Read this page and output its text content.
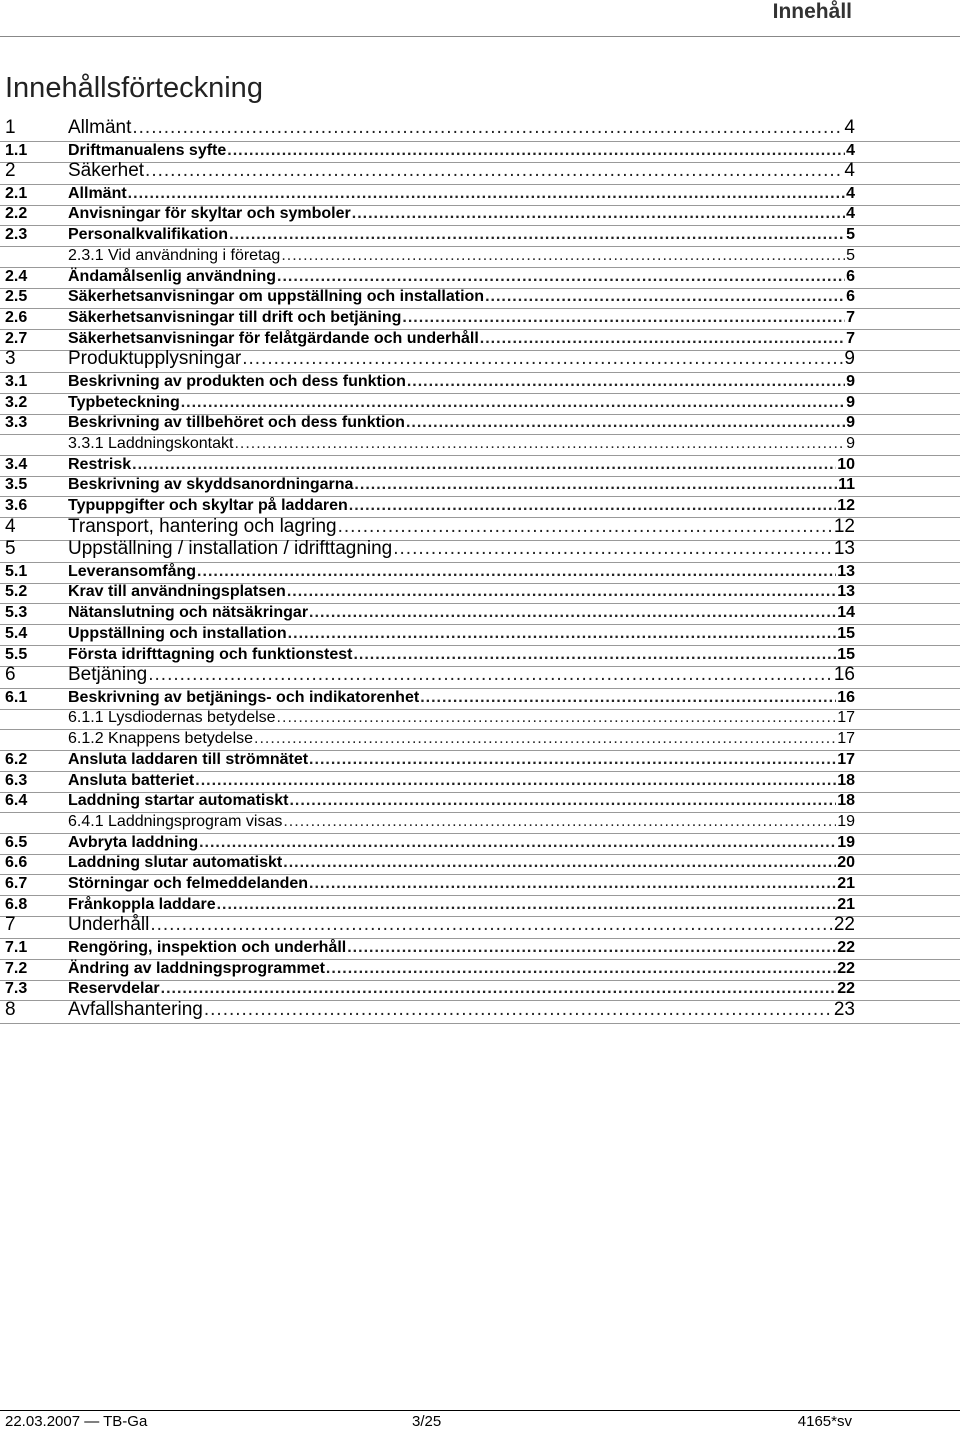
Innehåll
Innehållsförteckning
1	Allmänt .....	4
1.1	Driftmanualens syfte .....	4
2	Säkerhet .....	4
2.1	Allmänt .....	4
2.2	Anvisningar för skyltar och symboler .....	4
2.3	Personalkvalifikation .....	5
2.3.1 Vid användning i företag .....	5
2.4	Ändamålsenlig användning .....	6
2.5	Säkerhetsanvisningar om uppställning och installation .....	6
2.6	Säkerhetsanvisningar till drift och betjäning .....	7
2.7	Säkerhetsanvisningar för felåtgärdande och underhåll .....	7
3	Produktupplysningar .....	9
3.1	Beskrivning av produkten och dess funktion .....	9
3.2	Typbeteckning .....	9
3.3	Beskrivning av tillbehöret och dess funktion .....	9
3.3.1 Laddningskontakt .....	9
3.4	Restrisk .....	10
3.5	Beskrivning av skyddsanordningarna .....	11
3.6	Typuppgifter och skyltar på laddaren .....	12
4	Transport, hantering och lagring .....	12
5	Uppställning / installation / idrifttagning .....	13
5.1	Leveransomfång .....	13
5.2	Krav till användningsplatsen .....	13
5.3	Nätanslutning och nätsäkringar .....	14
5.4	Uppställning och installation .....	15
5.5	Första idrifttagning och funktionstest .....	15
6	Betjäning .....	16
6.1	Beskrivning av betjänings- och indikatorenhet .....	16
6.1.1 Lysdiodernas betydelse .....	17
6.1.2 Knappens betydelse .....	17
6.2	Ansluta laddaren till strömnätet .....	17
6.3	Ansluta batteriet .....	18
6.4	Laddning startar automatiskt .....	18
6.4.1 Laddningsprogram visas .....	19
6.5	Avbryta laddning .....	19
6.6	Laddning slutar automatiskt .....	20
6.7	Störningar och felmeddelanden .....	21
6.8	Frånkoppla laddare .....	21
7	Underhåll .....	22
7.1	Rengöring, inspektion och underhåll .....	22
7.2	Ändring av laddningsprogrammet .....	22
7.3	Reservdelar .....	22
8	Avfallshantering .....	23
22.03.2007 — TB-Ga	3/25	4165*sv
